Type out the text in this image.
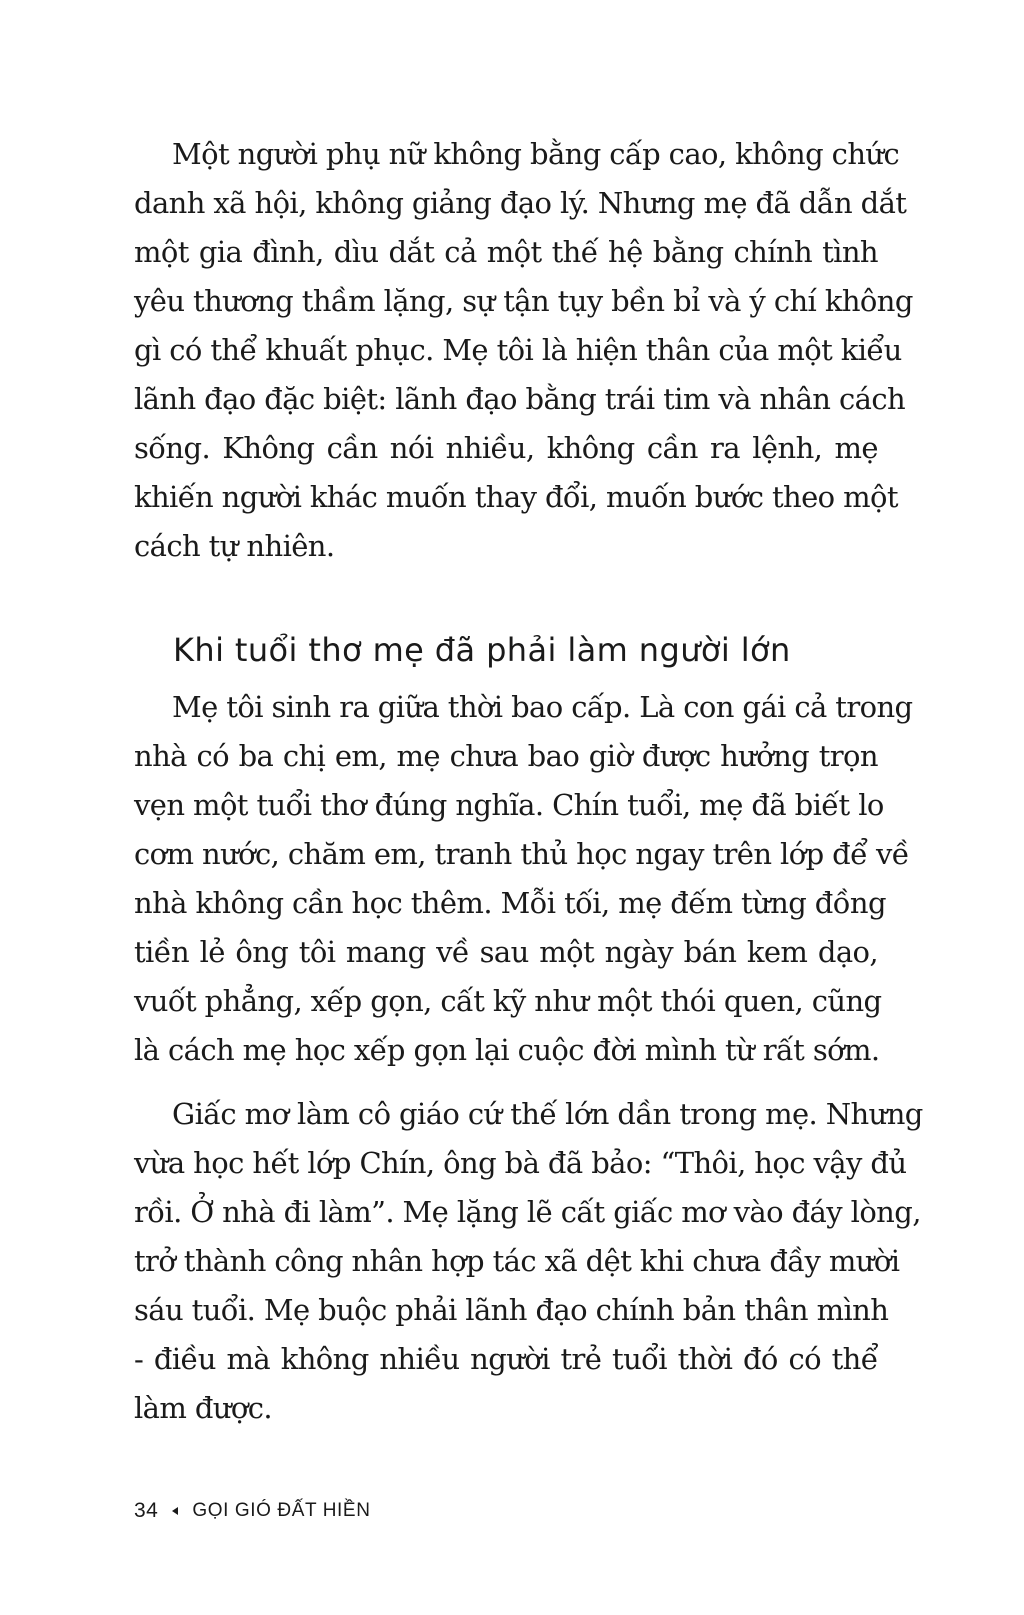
Một người phụ nữ không bằng cấp cao, không chức
danh xã hội, không giảng đạo lý. Nhưng mẹ đã dẫn dắt
một gia đình, dìu dắt cả một thế hệ bằng chính tình
yêu thương thầm lặng, sự tận tụy bền bỉ và ý chí không
gì có thể khuất phục. Mẹ tôi là hiện thân của một kiểu
lãnh đạo đặc biệt: lãnh đạo bằng trái tim và nhân cách
sống. Không cần nói nhiều, không cần ra lệnh, mẹ
khiến người khác muốn thay đổi, muốn bước theo một
cách tự nhiên.

Khi tuổi thơ mẹ đã phải làm người lớn

Mẹ tôi sinh ra giữa thời bao cấp. Là con gái cả trong
nhà có ba chị em, mẹ chưa bao giờ được hưởng trọn
vẹn một tuổi thơ đúng nghĩa. Chín tuổi, mẹ đã biết lo
cơm nước, chăm em, tranh thủ học ngay trên lớp để về
nhà không cần học thêm. Mỗi tối, mẹ đếm từng đồng
tiền lẻ ông tôi mang về sau một ngày bán kem dạo,
vuốt phẳng, xếp gọn, cất kỹ như một thói quen, cũng
là cách mẹ học xếp gọn lại cuộc đời mình từ rất sớm.

Giấc mơ làm cô giáo cứ thế lớn dần trong mẹ. Nhưng
vừa học hết lớp Chín, ông bà đã bảo: “Thôi, học vậy đủ
rồi. Ở nhà đi làm”. Mẹ lặng lẽ cất giấc mơ vào đáy lòng,
trở thành công nhân hợp tác xã dệt khi chưa đầy mười
sáu tuổi. Mẹ buộc phải lãnh đạo chính bản thân mình
- điều mà không nhiều người trẻ tuổi thời đó có thể
làm được.

34 GỌI GIÓ ĐẤT HIỀN
